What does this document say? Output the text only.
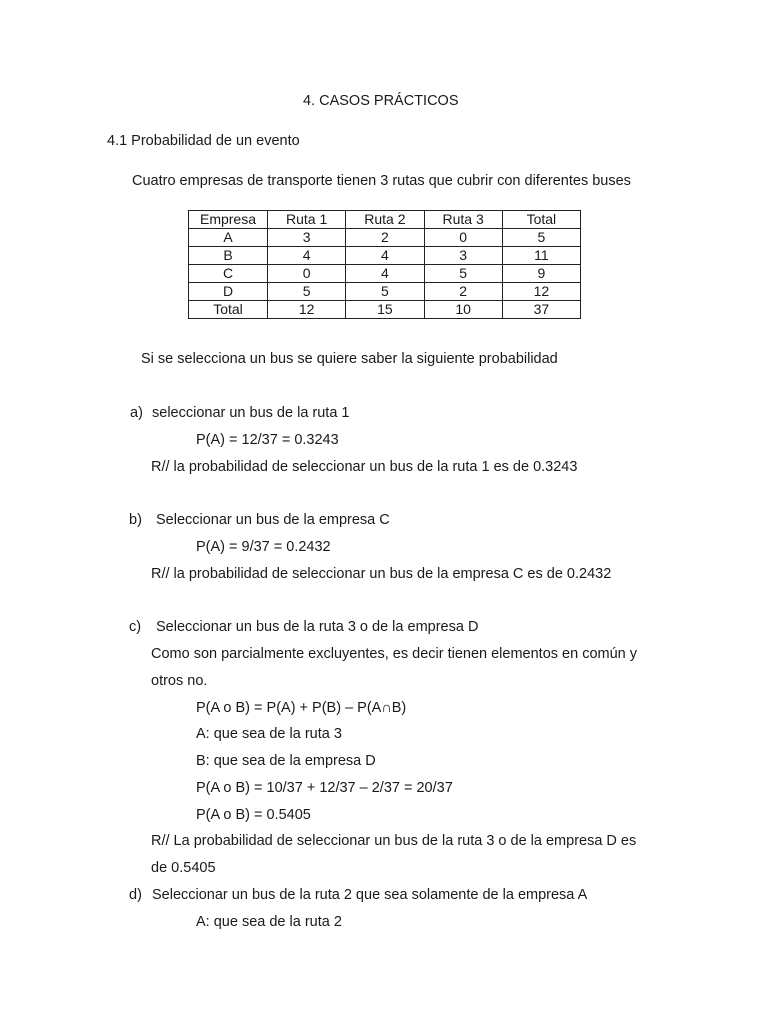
4. CASOS PRÁCTICOS
4.1 Probabilidad de un evento
Cuatro empresas de transporte tienen 3 rutas que cubrir con diferentes buses
Empresa	Ruta 1	Ruta 2	Ruta 3	Total
A	3	2	0	5
B	4	4	3	11
C	0	4	5	9
D	5	5	2	12
Total	12	15	10	37
Si se selecciona un bus se quiere saber la siguiente probabilidad
a) seleccionar un bus de la ruta 1
P(A) = 12/37 = 0.3243
R// la probabilidad de seleccionar un bus de la ruta 1 es de 0.3243
b) Seleccionar un bus de la empresa C
P(A) = 9/37 = 0.2432
R// la probabilidad de seleccionar un bus de la empresa C es de 0.2432
c) Seleccionar un bus de la ruta 3 o de la empresa D
Como son parcialmente excluyentes, es decir tienen elementos en común y
otros no.
P(A o B) = P(A) + P(B) – P(A∩B)
A: que sea de la ruta 3
B: que sea de la empresa D
P(A o B) = 10/37 + 12/37 – 2/37 = 20/37
P(A o B) = 0.5405
R// La probabilidad de seleccionar un bus de la ruta 3 o de la empresa D es
de 0.5405
d) Seleccionar un bus de la ruta 2 que sea solamente de la empresa A
A: que sea de la ruta 2
